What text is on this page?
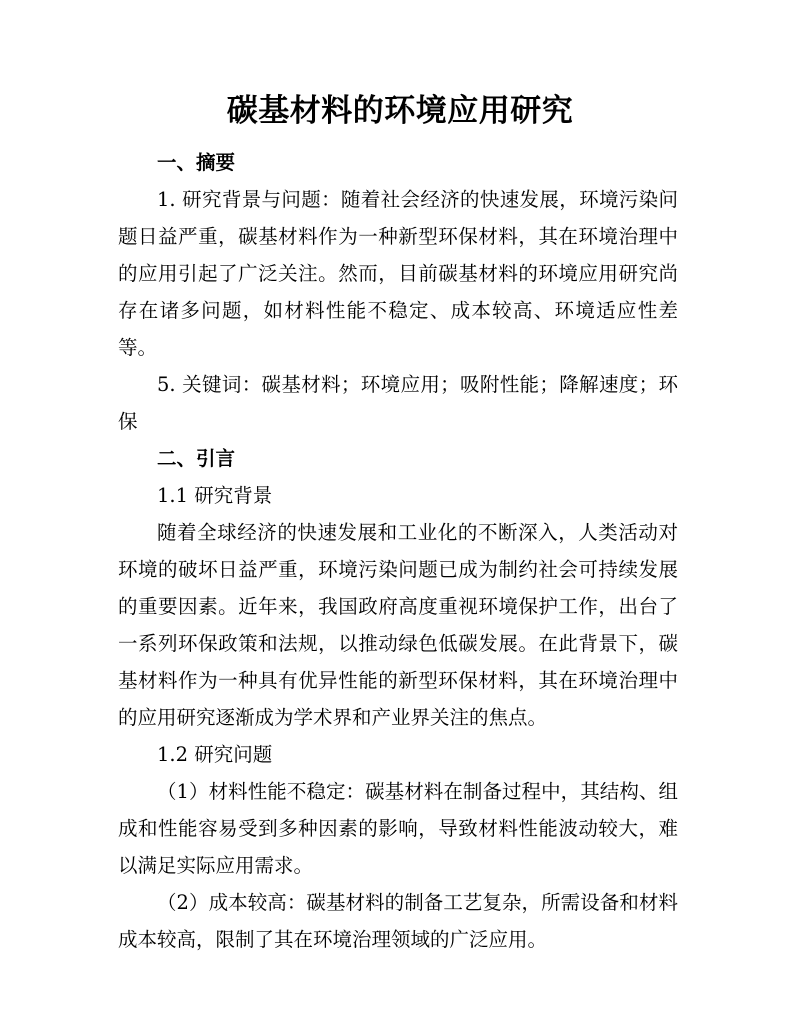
碳基材料的环境应用研究

一、摘要

1. 研究背景与问题：随着社会经济的快速发展，环境污染问题日益严重，碳基材料作为一种新型环保材料，其在环境治理中的应用引起了广泛关注。然而，目前碳基材料的环境应用研究尚存在诸多问题，如材料性能不稳定、成本较高、环境适应性差等。

5. 关键词：碳基材料；环境应用；吸附性能；降解速度；环保

二、引言

1.1 研究背景

随着全球经济的快速发展和工业化的不断深入，人类活动对环境的破坏日益严重，环境污染问题已成为制约社会可持续发展的重要因素。近年来，我国政府高度重视环境保护工作，出台了一系列环保政策和法规，以推动绿色低碳发展。在此背景下，碳基材料作为一种具有优异性能的新型环保材料，其在环境治理中的应用研究逐渐成为学术界和产业界关注的焦点。

1.2 研究问题

（1）材料性能不稳定：碳基材料在制备过程中，其结构、组成和性能容易受到多种因素的影响，导致材料性能波动较大，难以满足实际应用需求。

（2）成本较高：碳基材料的制备工艺复杂，所需设备和材料成本较高，限制了其在环境治理领域的广泛应用。
